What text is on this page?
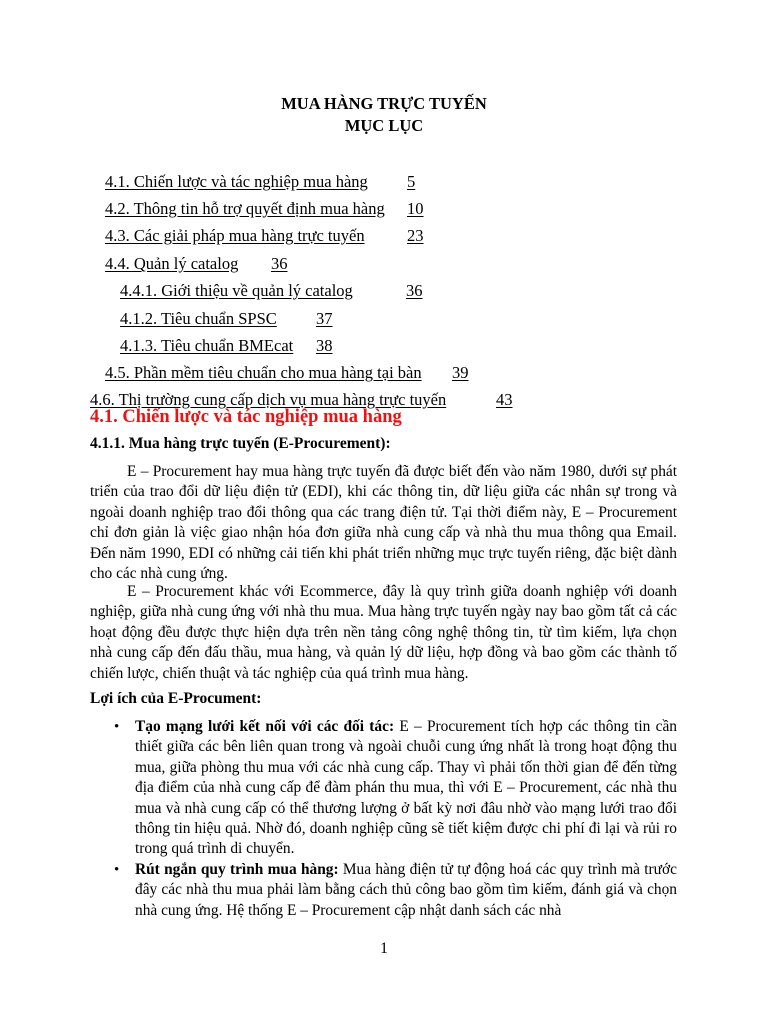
MUA HÀNG TRỰC TUYẾN
MỤC LỤC
4.1. Chiến lược và tác nghiệp mua hàng 5
4.2. Thông tin hỗ trợ quyết định mua hàng 10
4.3. Các giải pháp mua hàng trực tuyến	23
4.4. Quản lý catalog 36
4.4.1. Giới thiệu về quản lý catalog	36
4.1.2. Tiêu chuẩn SPSC 37
4.1.3. Tiêu chuẩn BMEcat 38
4.5. Phần mềm tiêu chuẩn cho mua hàng tại bàn 39
4.6. Thị trường cung cấp dịch vụ mua hàng trực tuyến	43
4.1. Chiến lược và tác nghiệp mua hàng
4.1.1. Mua hàng trực tuyến (E-Procurement):

E – Procurement hay mua hàng trực tuyến đã được biết đến vào năm 1980, dưới sự phát triển của trao đổi dữ liệu điện tử (EDI), khi các thông tin, dữ liệu giữa các nhân sự trong và ngoài doanh nghiệp trao đổi thông qua các trang điện tử. Tại thời điểm này, E – Procurement chỉ đơn giản là việc giao nhận hóa đơn giữa nhà cung cấp và nhà thu mua thông qua Email. Đến năm 1990, EDI có những cải tiến khi phát triển những mục trực tuyến riêng, đặc biệt dành cho các nhà cung ứng.

E – Procurement khác với Ecommerce, đây là quy trình giữa doanh nghiệp với doanh nghiệp, giữa nhà cung ứng với nhà thu mua. Mua hàng trực tuyến ngày nay bao gồm tất cả các hoạt động đều được thực hiện dựa trên nền tảng công nghệ thông tin, từ tìm kiếm, lựa chọn nhà cung cấp đến đấu thầu, mua hàng, và quản lý dữ liệu, hợp đồng và bao gồm các thành tố chiến lược, chiến thuật và tác nghiệp của quá trình mua hàng.

Lợi ích của E-Procument:
• Tạo mạng lưới kết nối với các đối tác: E – Procurement tích hợp các thông tin cần thiết giữa các bên liên quan trong và ngoài chuỗi cung ứng nhất là trong hoạt động thu mua, giữa phòng thu mua với các nhà cung cấp. Thay vì phải tốn thời gian để đến từng địa điểm của nhà cung cấp để đàm phán thu mua, thì với E – Procurement, các nhà thu mua và nhà cung cấp có thể thương lượng ở bất kỳ nơi đâu nhờ vào mạng lưới trao đổi thông tin hiệu quả. Nhờ đó, doanh nghiệp cũng sẽ tiết kiệm được chi phí đi lại và rủi ro trong quá trình di chuyển.

• Rút ngắn quy trình mua hàng: Mua hàng điện tử tự động hoá các quy trình mà trước đây các nhà thu mua phải làm bằng cách thủ công bao gồm tìm kiếm, đánh giá và chọn nhà cung ứng. Hệ thống E – Procurement cập nhật danh sách các nhà

1
